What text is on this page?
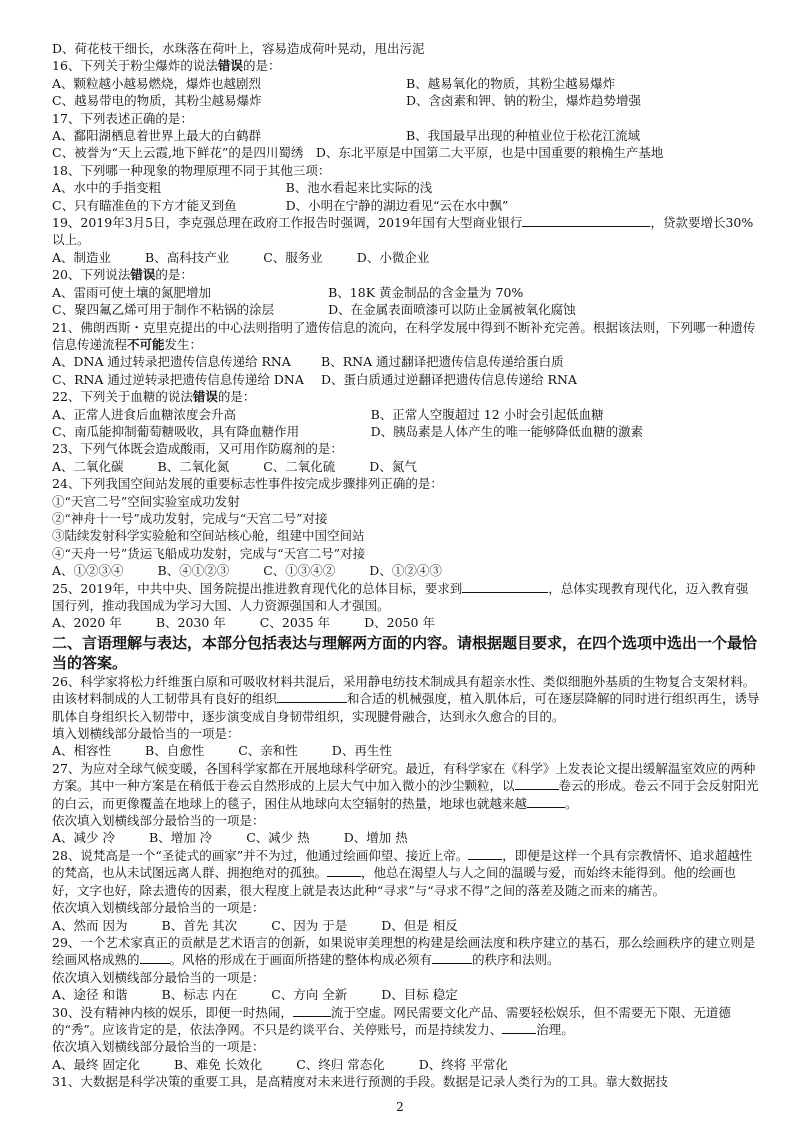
D、荷花枝干细长，水珠落在荷叶上，容易造成荷叶晃动，甩出污泥
16、下列关于粉尘爆炸的说法错误的是：
A、颗粒越小越易燃烧，爆炸也越剧烈	B、越易氧化的物质，其粉尘越易爆炸
C、越易带电的物质，其粉尘越易爆炸	D、含卤素和钾、钠的粉尘，爆炸趋势增强
17、下列表述正确的是：
A、鄱阳湖栖息着世界上最大的白鹤群	B、我国最早出现的种植业位于松花江流域
C、被誉为“天上云霞,地下鲜花”的是四川蜀绣　D、东北平原是中国第二大平原，也是中国重要的粮桷生产基地
18、下列哪一种现象的物理原理不同于其他三项：
A、水中的手指变粗	B、池水看起来比实际的浅
C、只有瞄准鱼的下方才能叉到鱼	D、小明在宁静的湖边看见“云在水中飘”
19、2019年3月5日，李克强总理在政府工作报告时强调，2019年国有大型商业银行	，贷款要增长30%以上。
A、制造业	B、高科技产业	C、服务业	D、小微企业
20、下列说法错误的是：
A、雷雨可使土壤的氮肥增加	B、18K 黄金制品的含金量为 70%
C、聚四氟乙烯可用于制作不粘锅的涂层	D、在金属表面喷漆可以防止金属被氧化腐蚀
21、佛朗西斯・克里克提出的中心法则指明了遗传信息的流向，在科学发展中得到不断补充完善。根据该法则，下列哪一种遗传信息传递流程不可能发生：
A、DNA 通过转录把遗传信息传递给 RNA	B、RNA 通过翻译把遗传信息传递给蛋白质
C、RNA 通过逆转录把遗传信息传递给 DNA	D、蛋白质通过逆翻译把遗传信息传递给 RNA
22、下列关于血糖的说法错误的是：
A、正常人进食后血糖浓度会升高	B、正常人空腹超过 12 小时会引起低血糖
C、南瓜能抑制葡萄糖吸收，具有降血糖作用	D、胰岛素是人体产生的唯一能够降低血糖的激素
23、下列气体既会造成酸雨，又可用作防腐剂的是：
A、二氧化碳	B、二氧化氮	C、二氧化硫	D、氮气
24、下列我国空间站发展的重要标志性事件按完成步骤排列正确的是：
①“天宫二号”空间实验室成功发射
②“神舟十一号”成功发射，完成与“天宫二号”对接
③陆续发射科学实验舱和空间站核心舱，组建中国空间站
④“天舟一号”货运飞船成功发射，完成与“天宫二号”对接
A、①②③④	B、④①②③	C、①③④②	D、①②④③
25、2019年，中共中央、国务院提出推进教育现代化的总体目标，要求到	，总体实现教育现代化，迈入教育强国行列，推动我国成为学习大国、人力资源强国和人才强国。
A、2020 年	B、2030 年	C、2035 年	D、2050 年
二、言语理解与表达，本部分包括表达与理解两方面的内容。请根据题目要求，在四个选项中选出一个最恰当的答案。
26、科学家将松力纤维蛋白原和可吸收材料共混后，采用静电纺技术制成具有超亲水性、类似细胞外基质的生物复合支架材料。由该材料制成的人工韧带具有良好的组织	和合适的机械强度，植入肌体后，可在逐层降解的同时进行组织再生，诱导肌体自身组织长入韧带中，逐步演变成自身韧带组织，实现腱骨融合，达到永久愈合的目的。
填入划横线部分最恰当的一项是：
A、相容性	B、自愈性	C、亲和性	D、再生性
27、为应对全球气候变暖，各国科学家都在开展地球科学研究。最近，有科学家在《科学》上发表论文提出缓解温室效应的两种方案。其中一种方案是在稍低于卷云自然形成的上层大气中加入微小的沙尘颗粒，以	卷云的形成。卷云不同于会反射阳光的白云，而更像覆盖在地球上的毯子，困住从地球向太空辐射的热量，地球也就越来越	。
依次填入划横线部分最恰当的一项是：
A、减少 冷	B、增加 冷	C、减少 热	D、增加 热
28、说梵高是一个“圣徒式的画家”并不为过，他通过绘画仰望、接近上帝。	，即便是这样一个具有宗教情怀、追求超越性的梵高，也从未试图远离人群、拥抱绝对的孤独。	，他总在渴望人与人之间的温暖与爱，而始终未能得到。他的绘画也好，文字也好，除去遗传的因素，很大程度上就是表达此种“寻求”与“寻求不得”之间的落差及随之而来的痛苦。
依次填入划横线部分最恰当的一项是：
A、然而 因为	B、首先 其次	C、因为 于是	D、但是 相反
29、一个艺术家真正的贡献是艺术语言的创新，如果说审美理想的构建是绘画法度和秩序建立的基石，那么绘画秩序的建立则是绘画风格成熟的 。风格的形成在于画面所搭建的整体构成必须有	的秩序和法则。
依次填入划横线部分最恰当的一项是：
A、途径 和谐	B、标志 内在	C、方向 全新	D、目标 稳定
30、没有精神内核的娱乐，即便一时热闹，	流于空虚。网民需要文化产品、需要轻松娱乐，但不需要无下限、无道德的“秀”。应该肯定的是，依法净网。不只是约谈平台、关停账号，而是持续发力、	治理。
依次填入划横线部分最恰当的一项是：
A、最终 固定化	B、难免 长效化	C、终归 常态化	D、终将 平常化
31、大数据是科学决策的重要工具，是高精度对未来进行预测的手段。数据是记录人类行为的工具。靠大数据技
2
